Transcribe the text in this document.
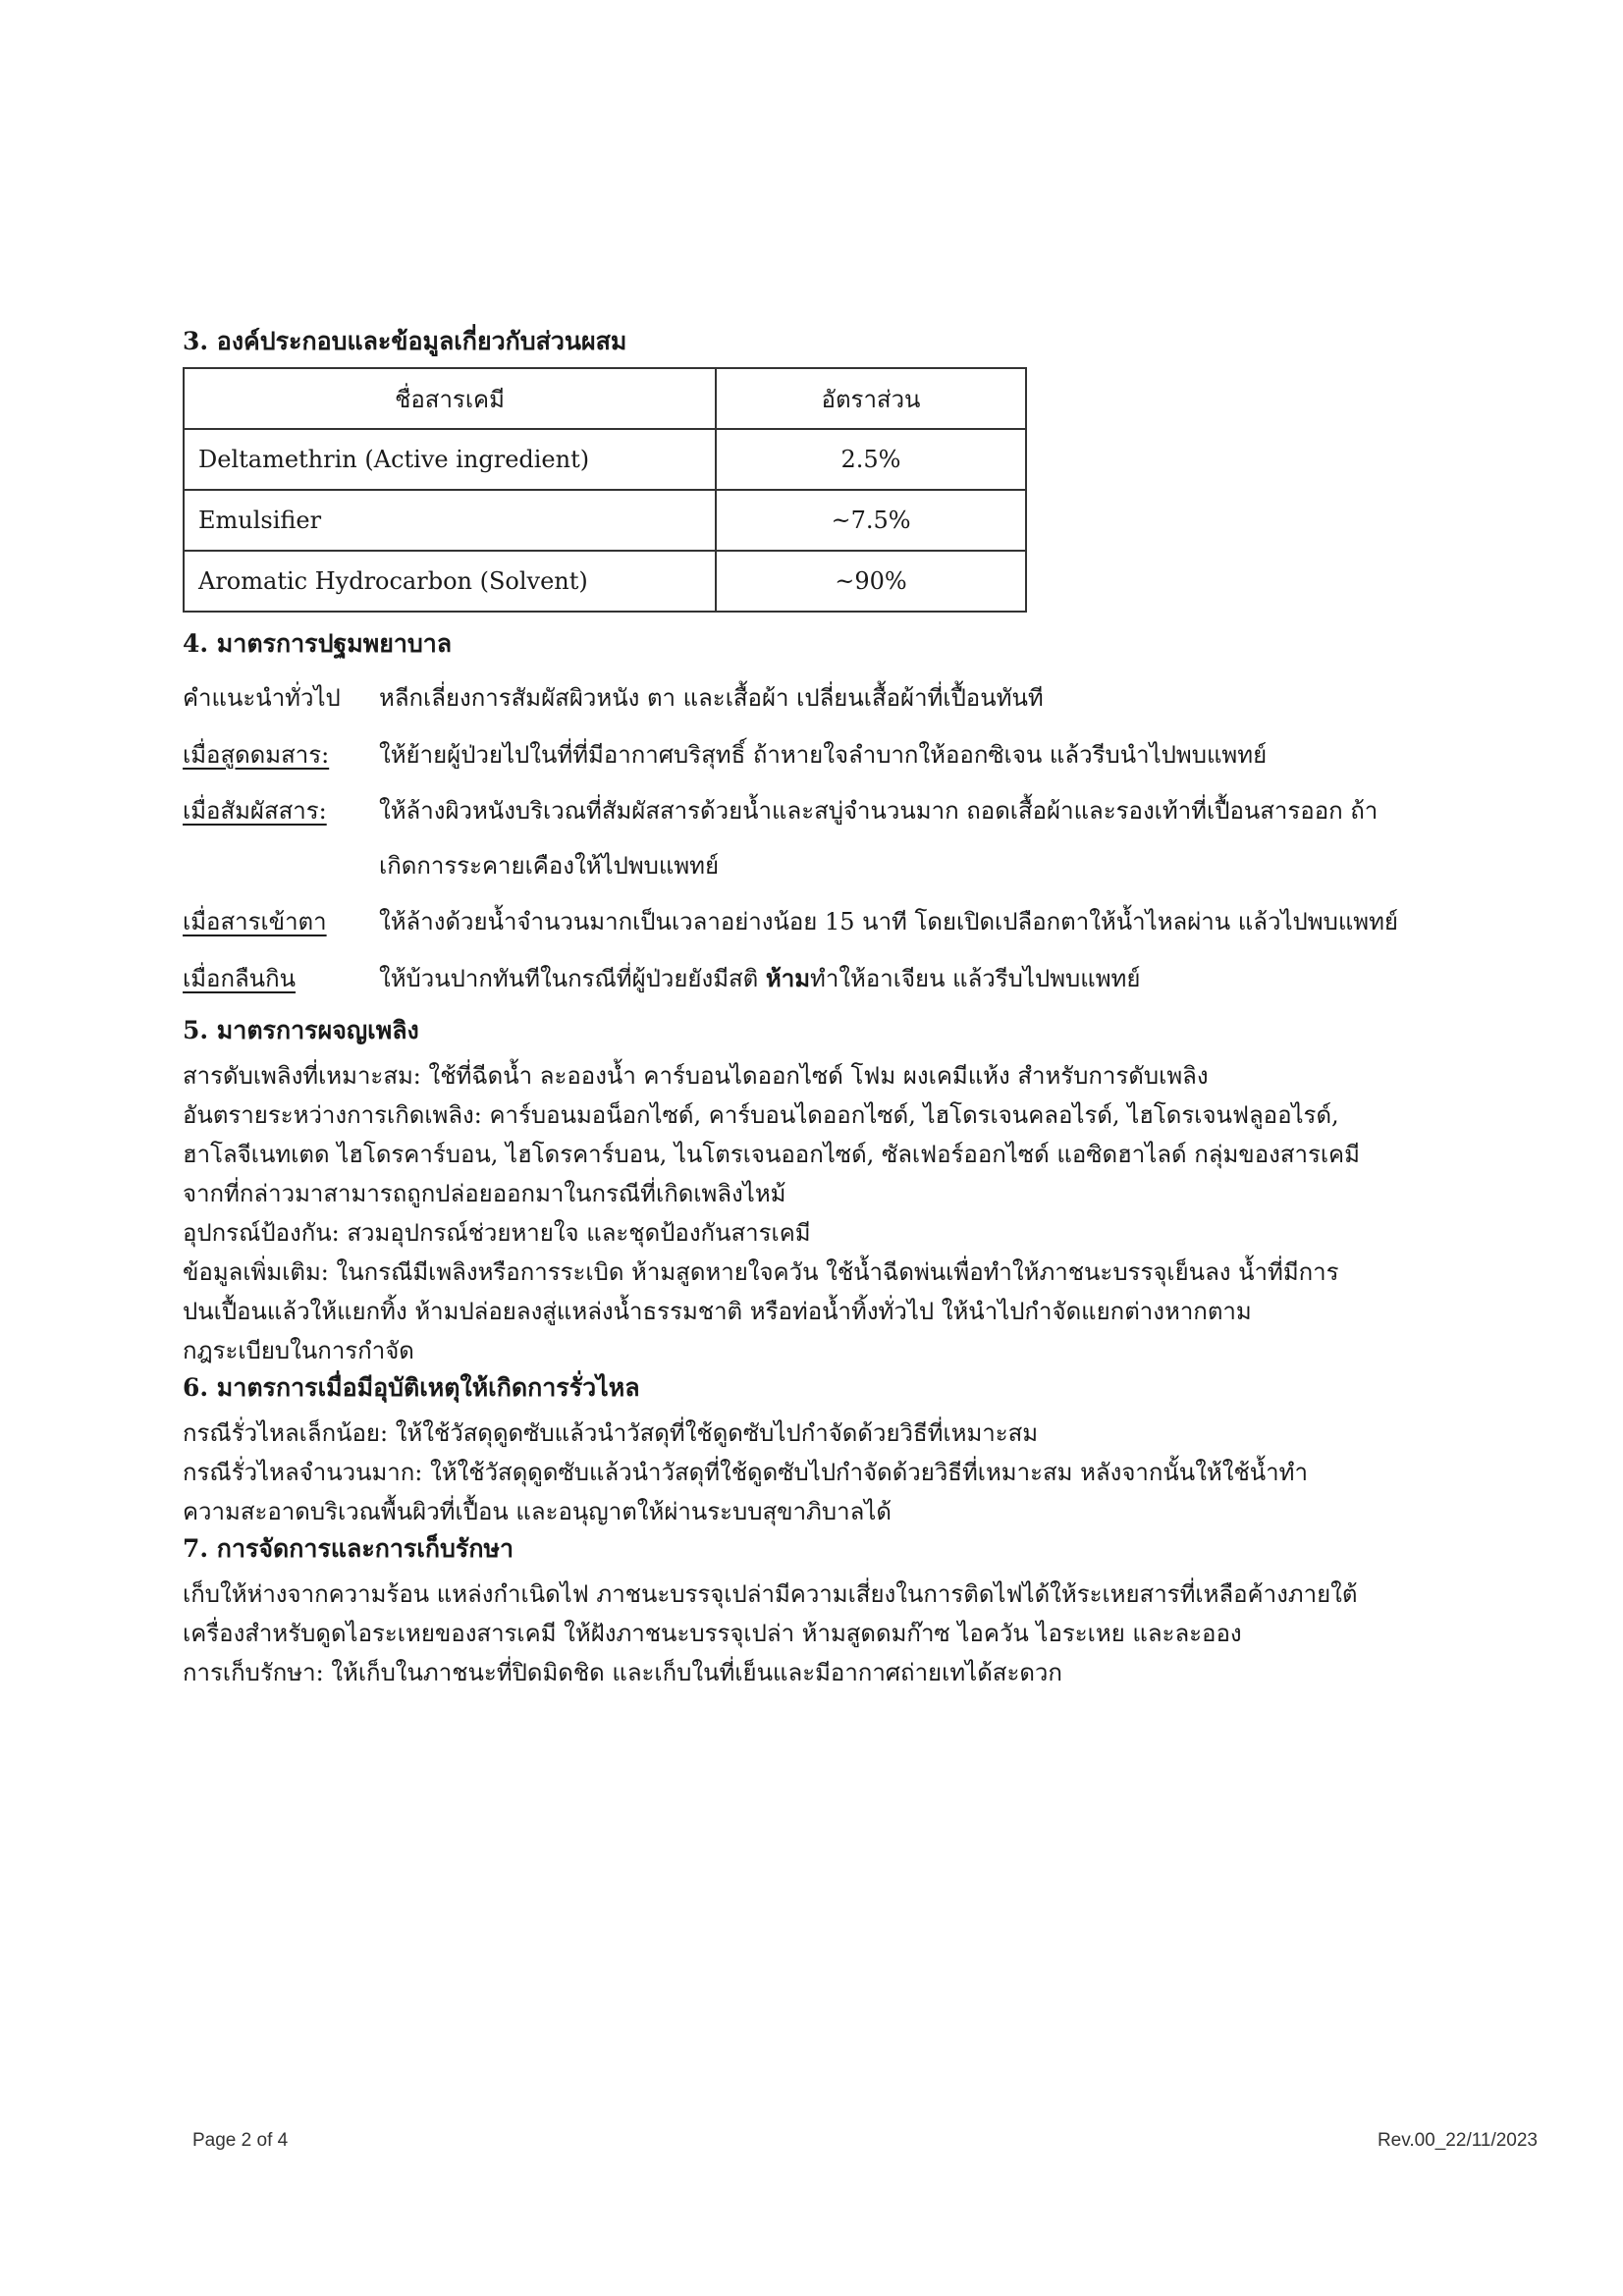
3. องค์ประกอบและข้อมูลเกี่ยวกับส่วนผสม
ชื่อสารเคมี	อัตราส่วน
Deltamethrin (Active ingredient)	2.5%
Emulsifier	~7.5%
Aromatic Hydrocarbon (Solvent)	~90%
4. มาตรการปฐมพยาบาล
คำแนะนำทั่วไป	หลีกเลี่ยงการสัมผัสผิวหนัง ตา และเสื้อผ้า เปลี่ยนเสื้อผ้าที่เปื้อนทันที
เมื่อสูดดมสาร:	ให้ย้ายผู้ป่วยไปในที่ที่มีอากาศบริสุทธิ์ ถ้าหายใจลำบากให้ออกซิเจน แล้วรีบนำไปพบแพทย์
เมื่อสัมผัสสาร:	ให้ล้างผิวหนังบริเวณที่สัมผัสสารด้วยน้ำและสบู่จำนวนมาก ถอดเสื้อผ้าและรองเท้าที่เปื้อนสารออก ถ้า
เกิดการระคายเคืองให้ไปพบแพทย์
เมื่อสารเข้าตา	ให้ล้างด้วยน้ำจำนวนมากเป็นเวลาอย่างน้อย 15 นาที โดยเปิดเปลือกตาให้น้ำไหลผ่าน แล้วไปพบแพทย์
เมื่อกลืนกิน	ให้บ้วนปากทันทีในกรณีที่ผู้ป่วยยังมีสติ ห้ามทำให้อาเจียน แล้วรีบไปพบแพทย์
5. มาตรการผจญเพลิง

สารดับเพลิงที่เหมาะสม: ใช้ที่ฉีดน้ำ ละอองน้ำ คาร์บอนไดออกไซด์ โฟม ผงเคมีแห้ง สำหรับการดับเพลิง

อันตรายระหว่างการเกิดเพลิง: คาร์บอนมอน็อกไซด์, คาร์บอนไดออกไซด์, ไฮโดรเจนคลอไรด์, ไฮโดรเจนฟลูออไรด์,

ฮาโลจีเนทเตด ไฮโดรคาร์บอน, ไฮโดรคาร์บอน, ไนโตรเจนออกไซด์, ซัลเฟอร์ออกไซด์ แอซิดฮาไลด์ กลุ่มของสารเคมี

จากที่กล่าวมาสามารถถูกปล่อยออกมาในกรณีที่เกิดเพลิงไหม้

อุปกรณ์ป้องกัน: สวมอุปกรณ์ช่วยหายใจ และชุดป้องกันสารเคมี

ข้อมูลเพิ่มเติม: ในกรณีมีเพลิงหรือการระเบิด ห้ามสูดหายใจควัน ใช้น้ำฉีดพ่นเพื่อทำให้ภาชนะบรรจุเย็นลง น้ำที่มีการ

ปนเปื้อนแล้วให้แยกทิ้ง ห้ามปล่อยลงสู่แหล่งน้ำธรรมชาติ หรือท่อน้ำทิ้งทั่วไป ให้นำไปกำจัดแยกต่างหากตาม

กฎระเบียบในการกำจัด

6. มาตรการเมื่อมีอุบัติเหตุให้เกิดการรั่วไหล

กรณีรั่วไหลเล็กน้อย: ให้ใช้วัสดุดูดซับแล้วนำวัสดุที่ใช้ดูดซับไปกำจัดด้วยวิธีที่เหมาะสม

กรณีรั่วไหลจำนวนมาก: ให้ใช้วัสดุดูดซับแล้วนำวัสดุที่ใช้ดูดซับไปกำจัดด้วยวิธีที่เหมาะสม หลังจากนั้นให้ใช้น้ำทำ

ความสะอาดบริเวณพื้นผิวที่เปื้อน และอนุญาตให้ผ่านระบบสุขาภิบาลได้

7. การจัดการและการเก็บรักษา

เก็บให้ห่างจากความร้อน แหล่งกำเนิดไฟ ภาชนะบรรจุเปล่ามีความเสี่ยงในการติดไฟได้ให้ระเหยสารที่เหลือค้างภายใต้

เครื่องสำหรับดูดไอระเหยของสารเคมี ให้ฝังภาชนะบรรจุเปล่า ห้ามสูดดมก๊าซ ไอควัน ไอระเหย และละออง

การเก็บรักษา: ให้เก็บในภาชนะที่ปิดมิดชิด และเก็บในที่เย็นและมีอากาศถ่ายเทได้สะดวก

Page 2 of 4	Rev.00_22/11/2023
